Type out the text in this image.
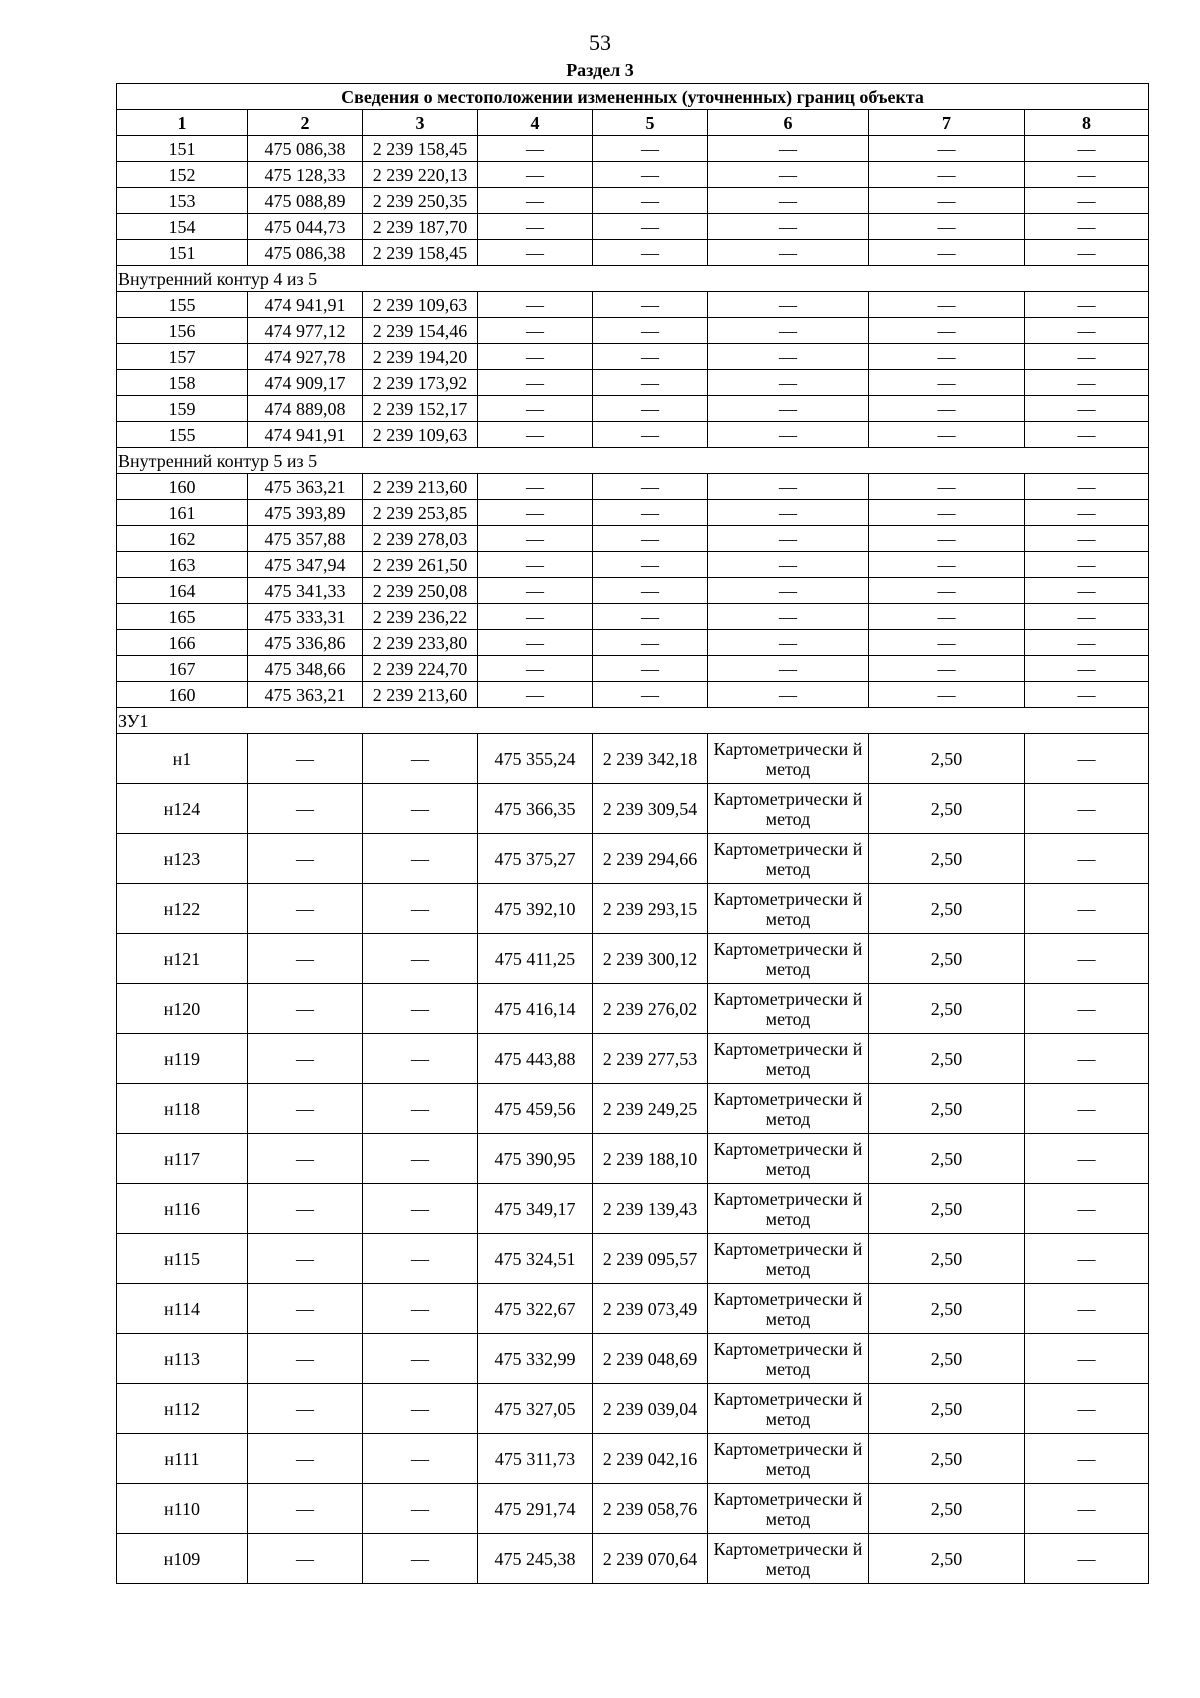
53
Раздел 3
Сведения о местоположении измененных (уточненных) границ объекта							
1	2	3	4	5	6	7	8
151	475 086,38	2 239 158,45	—	—	—	—	—
152	475 128,33	2 239 220,13	—	—	—	—	—
153	475 088,89	2 239 250,35	—	—	—	—	—
154	475 044,73	2 239 187,70	—	—	—	—	—
151	475 086,38	2 239 158,45	—	—	—	—	—
Внутренний контур 4 из 5							
155	474 941,91	2 239 109,63	—	—	—	—	—
156	474 977,12	2 239 154,46	—	—	—	—	—
157	474 927,78	2 239 194,20	—	—	—	—	—
158	474 909,17	2 239 173,92	—	—	—	—	—
159	474 889,08	2 239 152,17	—	—	—	—	—
155	474 941,91	2 239 109,63	—	—	—	—	—
Внутренний контур 5 из 5							
160	475 363,21	2 239 213,60	—	—	—	—	—
161	475 393,89	2 239 253,85	—	—	—	—	—
162	475 357,88	2 239 278,03	—	—	—	—	—
163	475 347,94	2 239 261,50	—	—	—	—	—
164	475 341,33	2 239 250,08	—	—	—	—	—
165	475 333,31	2 239 236,22	—	—	—	—	—
166	475 336,86	2 239 233,80	—	—	—	—	—
167	475 348,66	2 239 224,70	—	—	—	—	—
160	475 363,21	2 239 213,60	—	—	—	—	—
ЗУ1							
н1	—	—	475 355,24	2 239 342,18	Картометрически й метод	2,50	—
н124	—	—	475 366,35	2 239 309,54	Картометрически й метод	2,50	—
н123	—	—	475 375,27	2 239 294,66	Картометрически й метод	2,50	—
н122	—	—	475 392,10	2 239 293,15	Картометрически й метод	2,50	—
н121	—	—	475 411,25	2 239 300,12	Картометрически й метод	2,50	—
н120	—	—	475 416,14	2 239 276,02	Картометрически й метод	2,50	—
н119	—	—	475 443,88	2 239 277,53	Картометрически й метод	2,50	—
н118	—	—	475 459,56	2 239 249,25	Картометрически й метод	2,50	—
н117	—	—	475 390,95	2 239 188,10	Картометрически й метод	2,50	—
н116	—	—	475 349,17	2 239 139,43	Картометрически й метод	2,50	—
н115	—	—	475 324,51	2 239 095,57	Картометрически й метод	2,50	—
н114	—	—	475 322,67	2 239 073,49	Картометрически й метод	2,50	—
н113	—	—	475 332,99	2 239 048,69	Картометрически й метод	2,50	—
н112	—	—	475 327,05	2 239 039,04	Картометрически й метод	2,50	—
н111	—	—	475 311,73	2 239 042,16	Картометрически й метод	2,50	—
н110	—	—	475 291,74	2 239 058,76	Картометрически й метод	2,50	—
н109	—	—	475 245,38	2 239 070,64	Картометрически й метод	2,50	—
